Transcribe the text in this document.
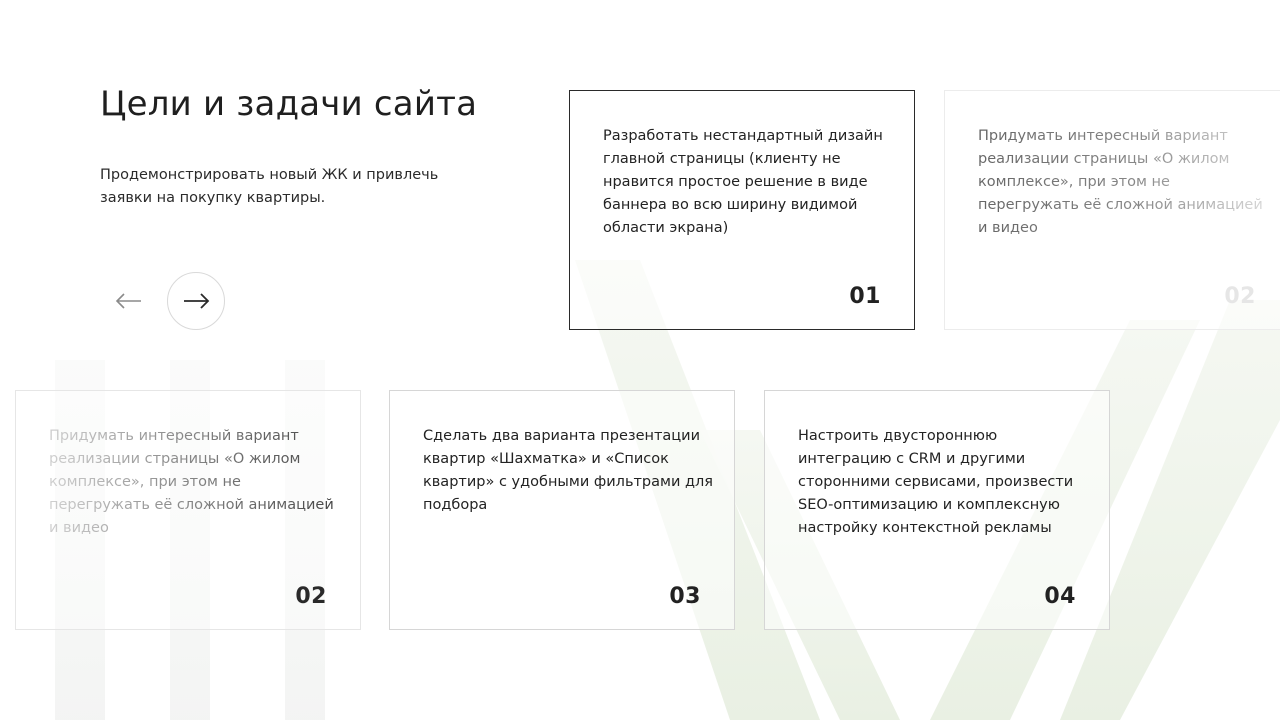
Цели и задачи сайта

Продемонстрировать новый ЖК и привлечь заявки на покупку квартиры.

Разработать нестандартный дизайн главной страницы (клиенту не нравится простое решение в виде баннера во всю ширину видимой области экрана)

01

Придумать интересный вариант реализации страницы «О жилом комплексе», при этом не перегружать её сложной анимацией и видео

02

Придумать интересный вариант реализации страницы «О жилом комплексе», при этом не перегружать её сложной анимацией и видео

02

Сделать два варианта презентации квартир «Шахматка» и «Список квартир» с удобными фильтрами для подбора

03

Настроить двустороннюю интеграцию с CRM и другими сторонними сервисами, произвести SEO-оптимизацию и комплексную настройку контекстной рекламы

04
